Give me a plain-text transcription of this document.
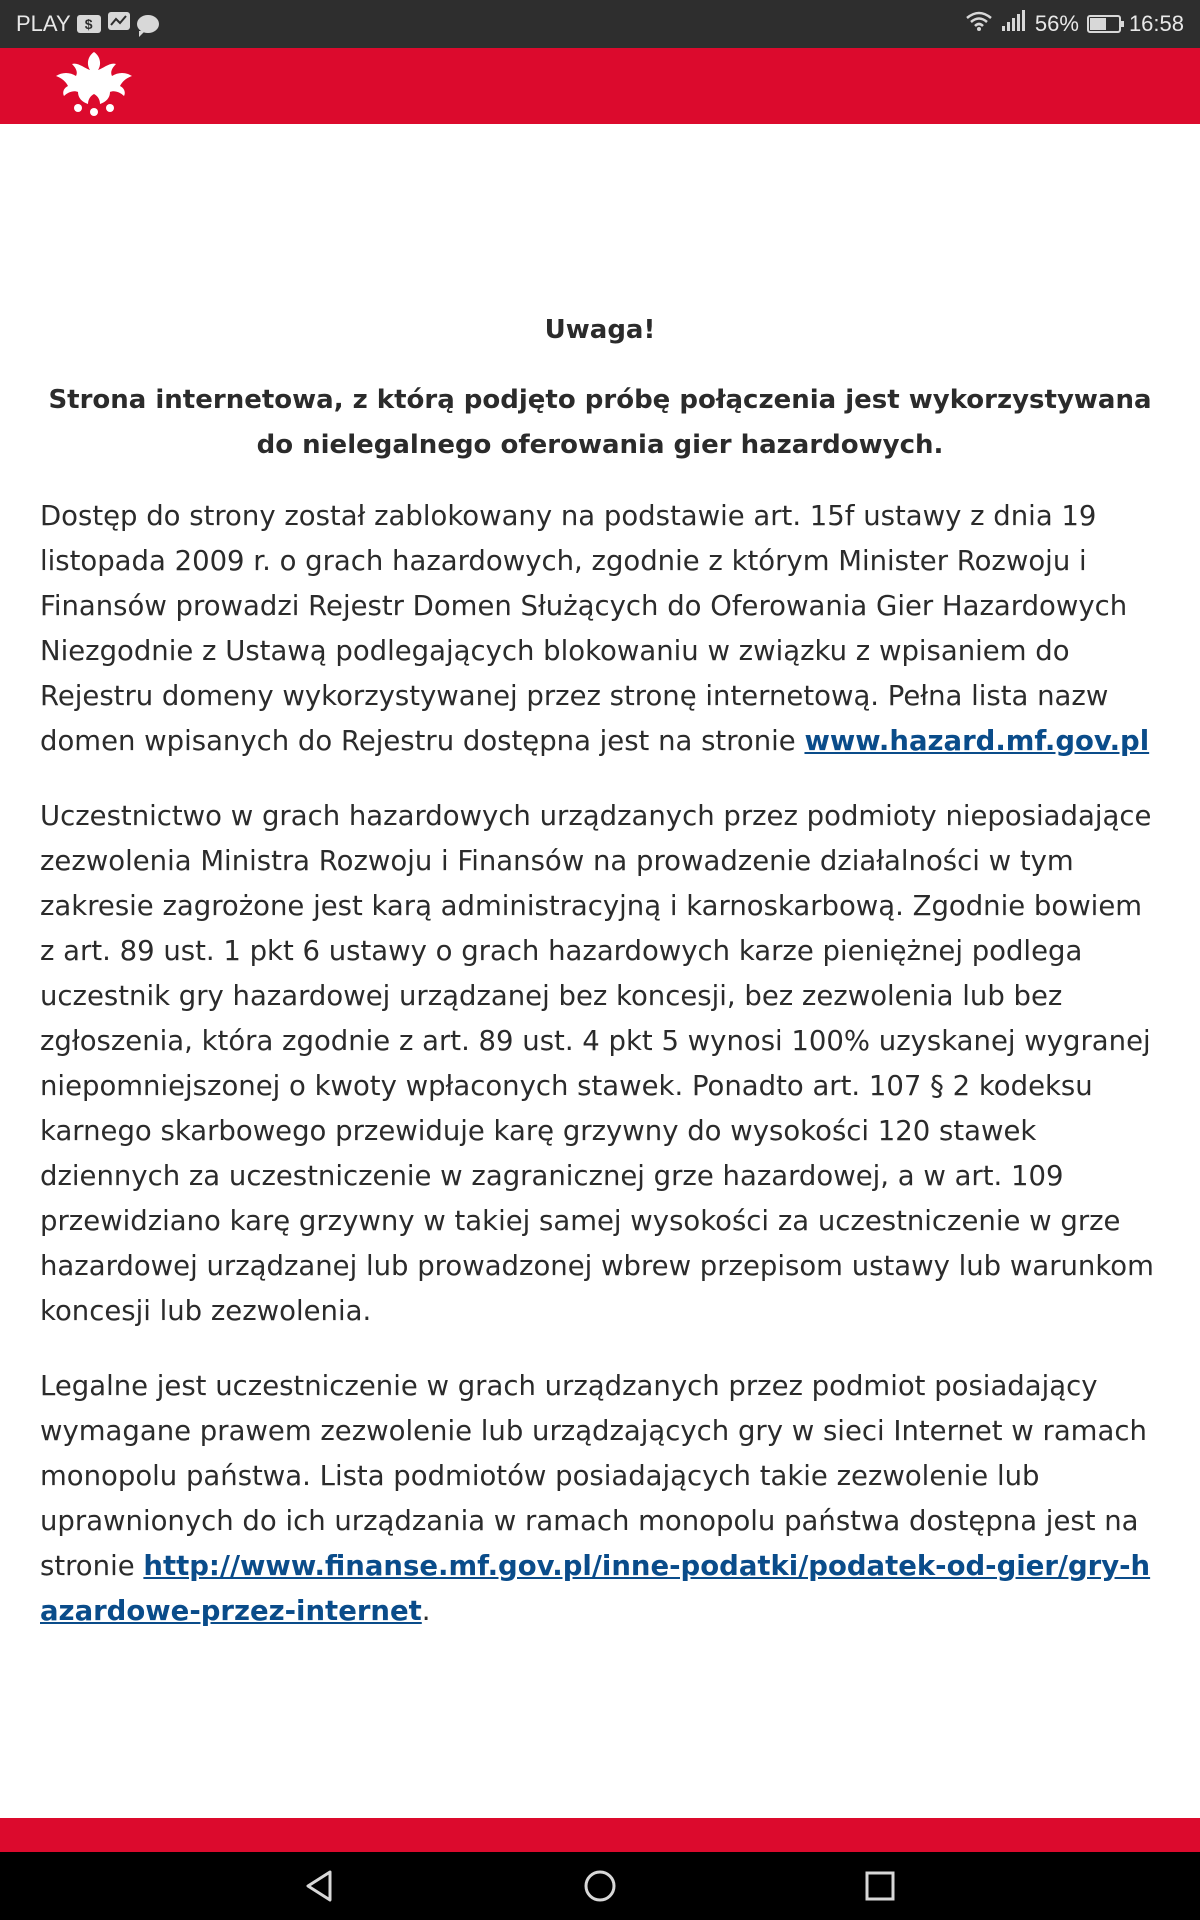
PLAY	$	56% 16:58

Uwaga!

Strona internetowa, z którą podjęto próbę połączenia jest wykorzystywana do nielegalnego oferowania gier hazardowych.

Dostęp do strony został zablokowany na podstawie art. 15f ustawy z dnia 19 listopada 2009 r. o grach hazardowych, zgodnie z którym Minister Rozwoju i Finansów prowadzi Rejestr Domen Służących do Oferowania Gier Hazardowych Niezgodnie z Ustawą podlegających blokowaniu w związku z wpisaniem do Rejestru domeny wykorzystywanej przez stronę internetową. Pełna lista nazw domen wpisanych do Rejestru dostępna jest na stronie www.hazard.mf.gov.pl

Uczestnictwo w grach hazardowych urządzanych przez podmioty nieposiadające zezwolenia Ministra Rozwoju i Finansów na prowadzenie działalności w tym zakresie zagrożone jest karą administracyjną i karnoskarbową. Zgodnie bowiem z art. 89 ust. 1 pkt 6 ustawy o grach hazardowych karze pieniężnej podlega uczestnik gry hazardowej urządzanej bez koncesji, bez zezwolenia lub bez zgłoszenia, która zgodnie z art. 89 ust. 4 pkt 5 wynosi 100% uzyskanej wygranej niepomniejszonej o kwoty wpłaconych stawek. Ponadto art. 107 § 2 kodeksu karnego skarbowego przewiduje karę grzywny do wysokości 120 stawek dziennych za uczestniczenie w zagranicznej grze hazardowej, a w art. 109 przewidziano karę grzywny w takiej samej wysokości za uczestniczenie w grze hazardowej urządzanej lub prowadzonej wbrew przepisom ustawy lub warunkom koncesji lub zezwolenia.

Legalne jest uczestniczenie w grach urządzanych przez podmiot posiadający wymagane prawem zezwolenie lub urządzających gry w sieci Internet w ramach monopolu państwa. Lista podmiotów posiadających takie zezwolenie lub uprawnionych do ich urządzania w ramach monopolu państwa dostępna jest na stronie http://www.finanse.mf.gov.pl/inne-podatki/podatek-od-gier/gry-hazardowe-przez-internet.
